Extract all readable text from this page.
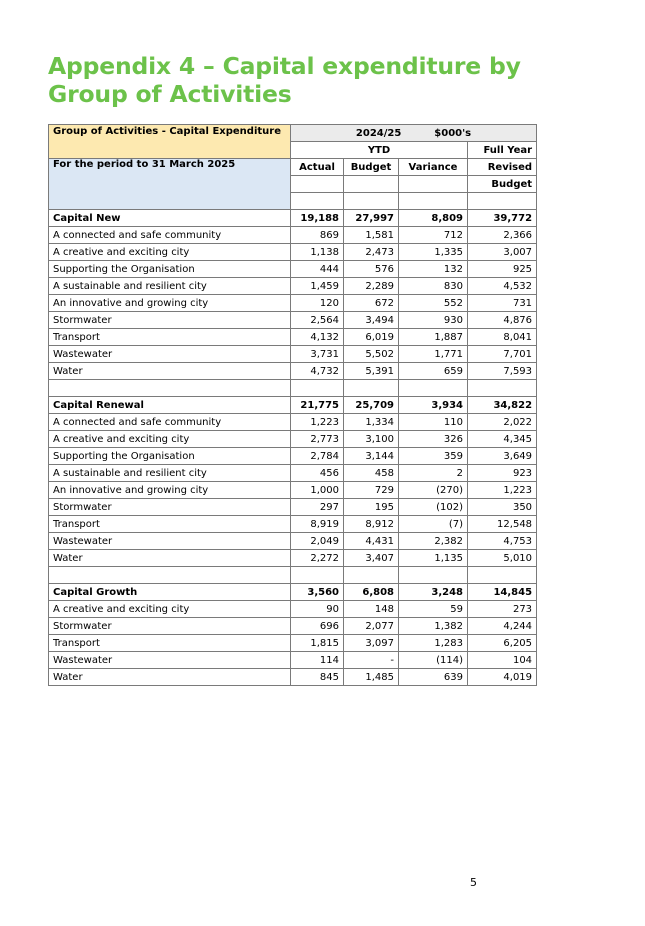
Appendix 4 – Capital expenditure by Group of Activities
Group of Activities - Capital Expenditure	2024/25 $000's			
	YTD			Full Year
For the period to 31 March 2025	Actual	Budget	Variance	Revised
				Budget

Capital New	19,188	27,997	8,809	39,772
A connected and safe community	869	1,581	712	2,366
A creative and exciting city	1,138	2,473	1,335	3,007
Supporting the Organisation	444	576	132	925
A sustainable and resilient city	1,459	2,289	830	4,532
An innovative and growing city	120	672	552	731
Stormwater	2,564	3,494	930	4,876
Transport	4,132	6,019	1,887	8,041
Wastewater	3,731	5,502	1,771	7,701
Water	4,732	5,391	659	7,593

Capital Renewal	21,775	25,709	3,934	34,822
A connected and safe community	1,223	1,334	110	2,022
A creative and exciting city	2,773	3,100	326	4,345
Supporting the Organisation	2,784	3,144	359	3,649
A sustainable and resilient city	456	458	2	923
An innovative and growing city	1,000	729	(270)	1,223
Stormwater	297	195	(102)	350
Transport	8,919	8,912	(7)	12,548
Wastewater	2,049	4,431	2,382	4,753
Water	2,272	3,407	1,135	5,010

Capital Growth	3,560	6,808	3,248	14,845
A creative and exciting city	90	148	59	273
Stormwater	696	2,077	1,382	4,244
Transport	1,815	3,097	1,283	6,205
Wastewater	114	-	(114)	104
Water	845	1,485	639	4,019
5
